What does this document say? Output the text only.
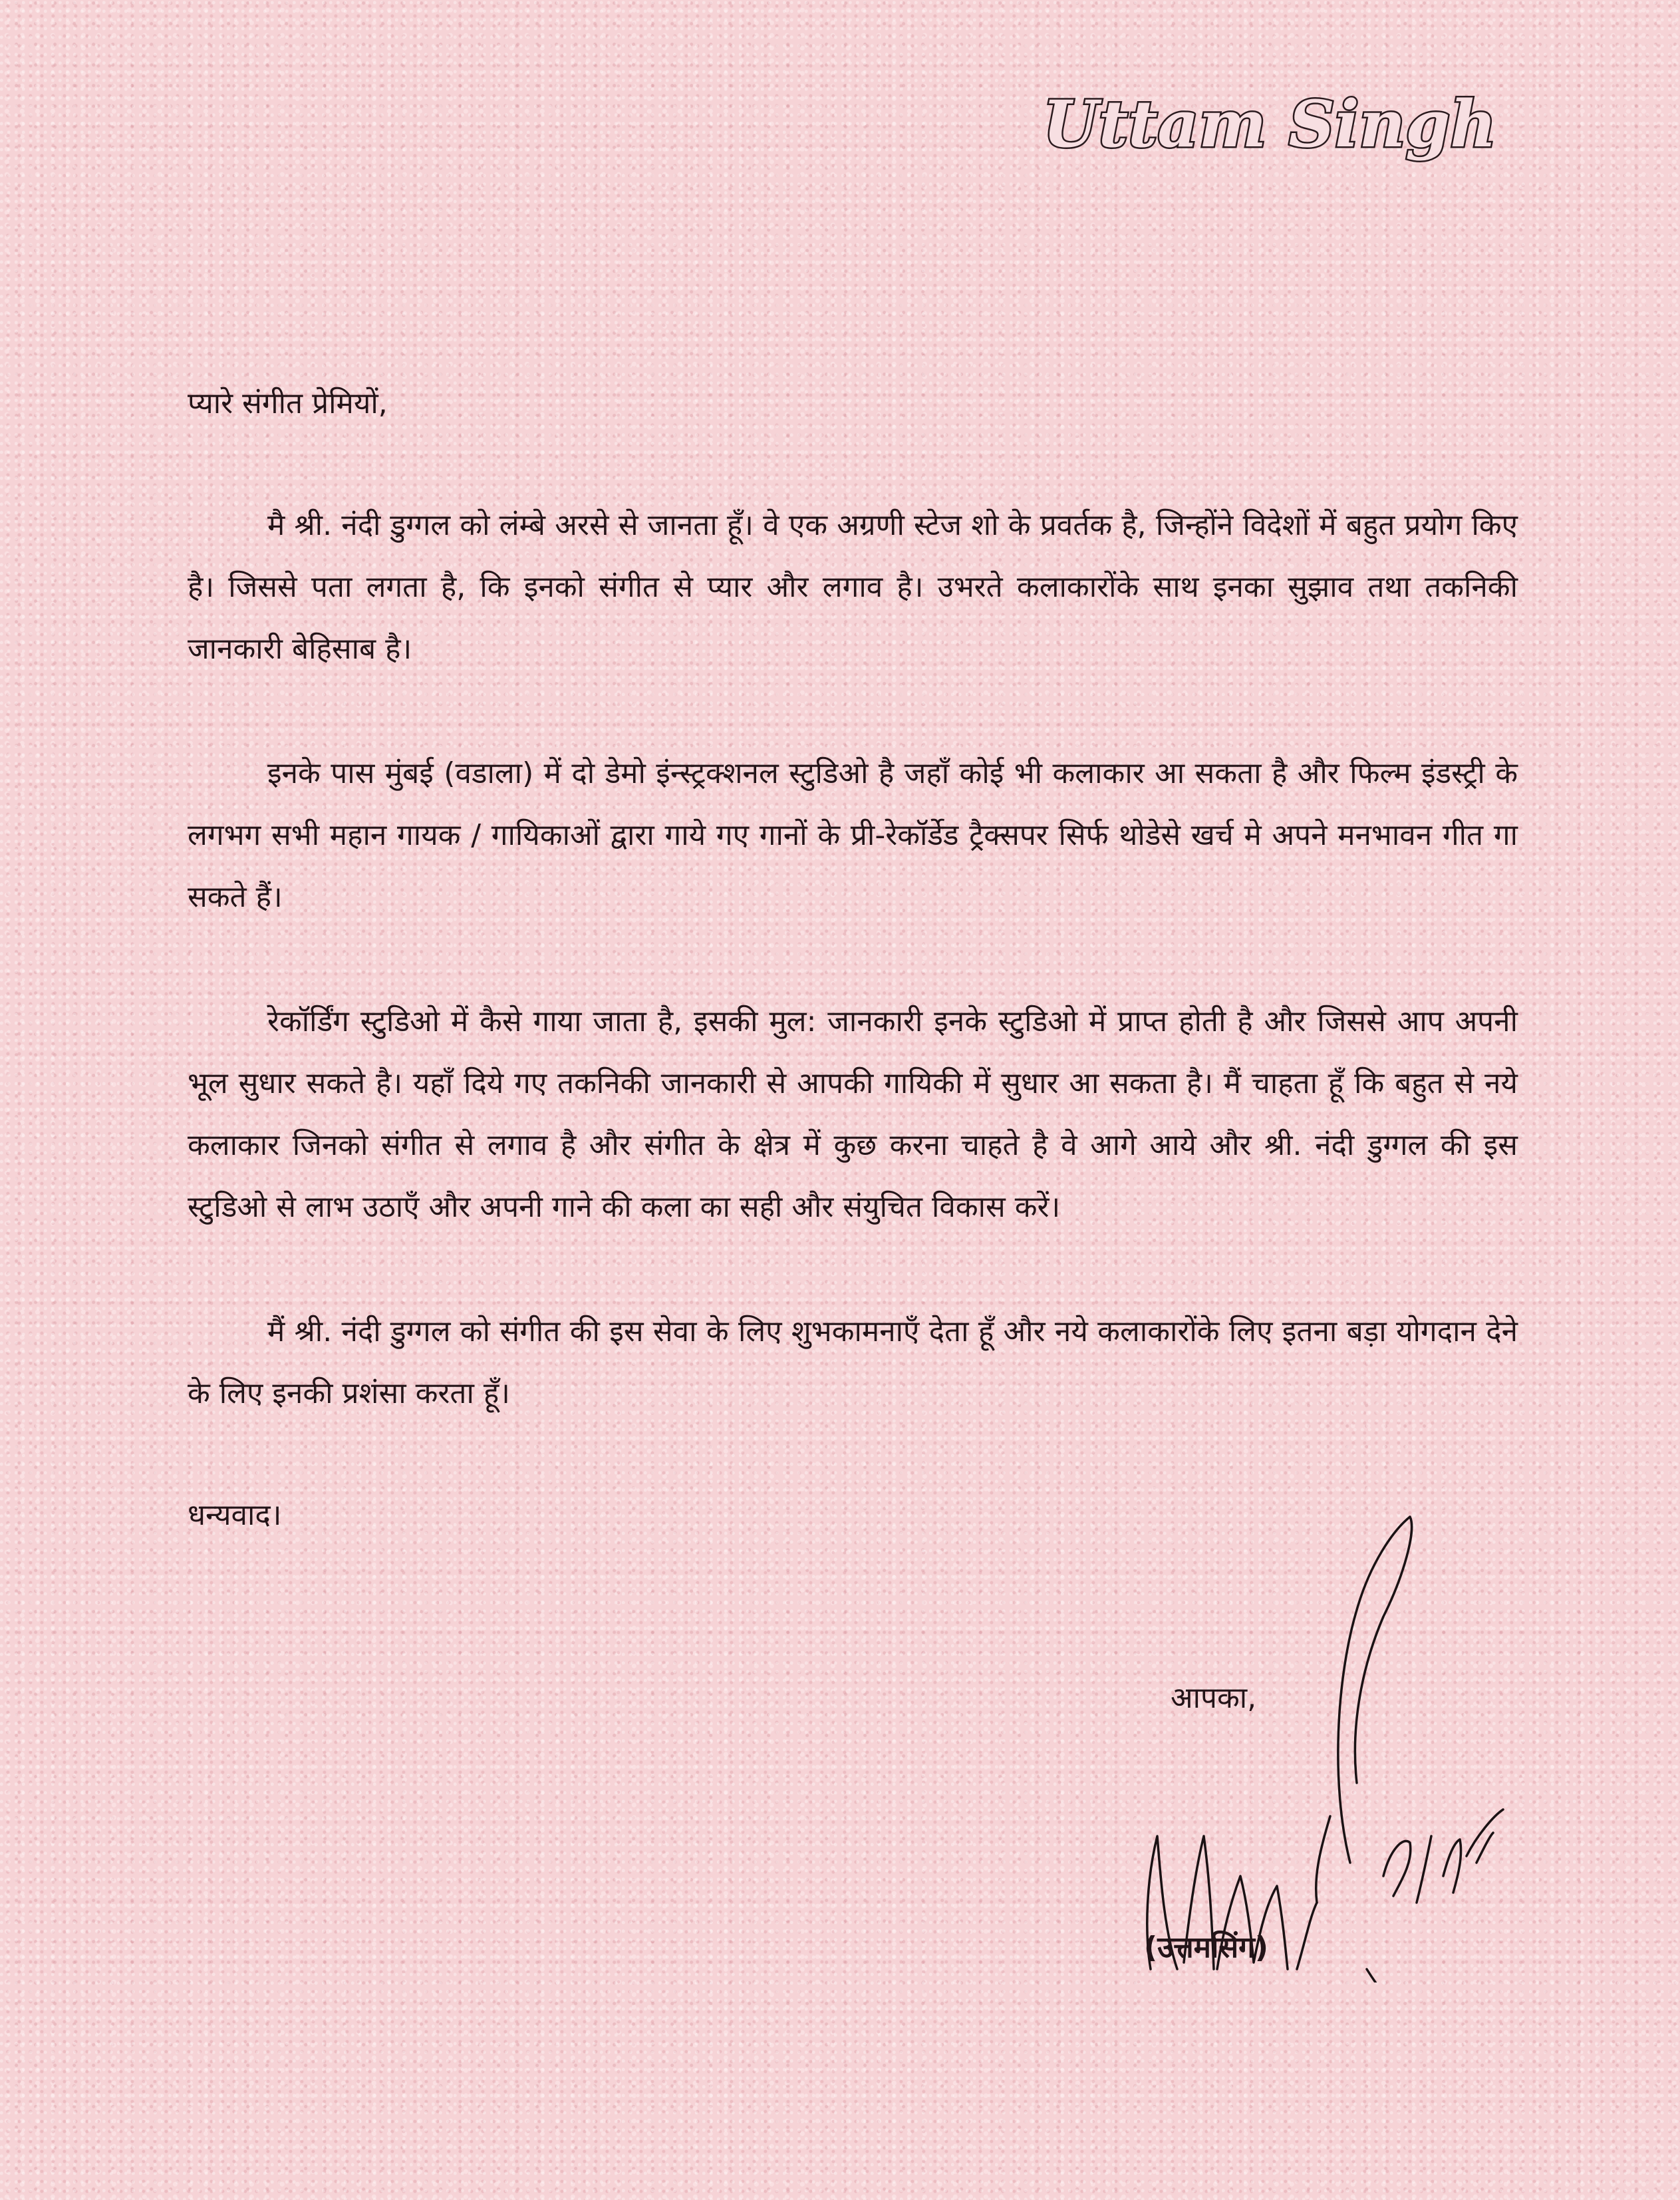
Uttam Singh

प्यारे संगीत प्रेमियों,

मै श्री. नंदी डुग्गल को लंम्बे अरसे से जानता हूँ। वे एक अग्रणी स्टेज शो के प्रवर्तक है, जिन्होंने विदेशों में बहुत प्रयोग किए है। जिससे पता लगता है, कि इनको संगीत से प्यार और लगाव है। उभरते कलाकारोंके साथ इनका सुझाव तथा तकनिकी जानकारी बेहिसाब है।

इनके पास मुंबई (वडाला) में दो डेमो इंन्स्ट्रक्शनल स्टुडिओ है जहाँ कोई भी कलाकार आ सकता है और फिल्म इंडस्ट्री के लगभग सभी महान गायक / गायिकाओं द्वारा गाये गए गानों के प्री-रेकॉर्डेड ट्रैक्सपर सिर्फ थोडेसे खर्च मे अपने मनभावन गीत गा सकते हैं।

रेकॉर्डिंग स्टुडिओ में कैसे गाया जाता है, इसकी मुल: जानकारी इनके स्टुडिओ में प्राप्त होती है और जिससे आप अपनी भूल सुधार सकते है। यहाँ दिये गए तकनिकी जानकारी से आपकी गायिकी में सुधार आ सकता है। मैं चाहता हूँ कि बहुत से नये कलाकार जिनको संगीत से लगाव है और संगीत के क्षेत्र में कुछ करना चाहते है वे आगे आये और श्री. नंदी डुग्गल की इस स्टुडिओ से लाभ उठाएँ और अपनी गाने की कला का सही और संयुचित विकास करें।

मैं श्री. नंदी डुग्गल को संगीत की इस सेवा के लिए शुभकामनाएँ देता हूँ और नये कलाकारोंके लिए इतना बड़ा योगदान देने के लिए इनकी प्रशंसा करता हूँ।

धन्यवाद।

आपका,
(उत्तमसिंग)
